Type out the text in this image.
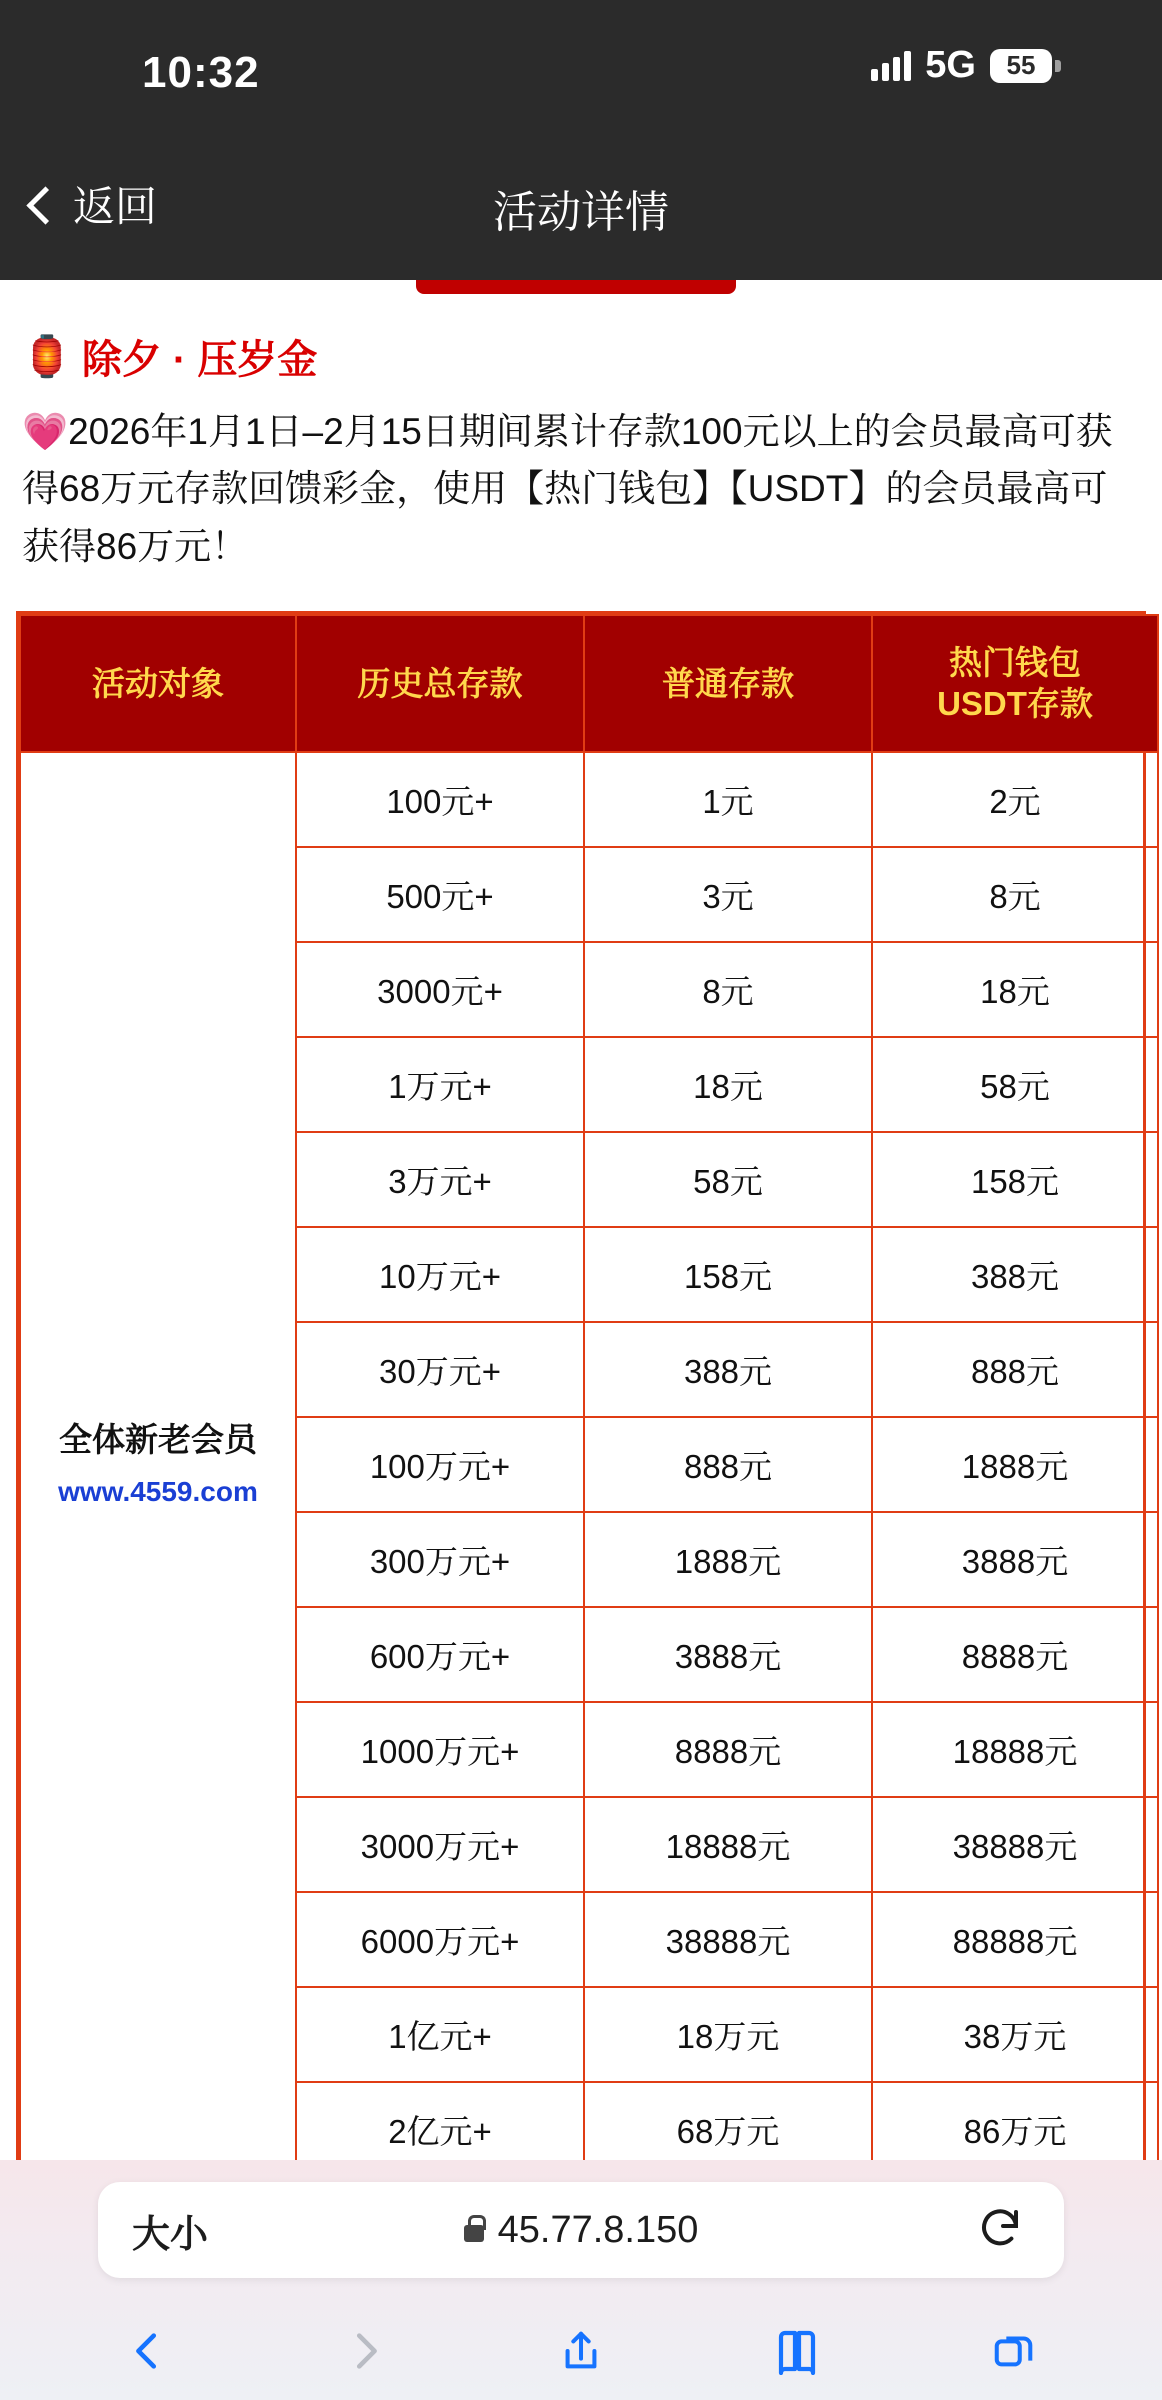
10:32	5G 55
返回	活动详情
🏮 除夕 · 压岁金

💗2026年1月1日–2月15日期间累计存款100元以上的会员最高可获得68万元存款回馈彩金，使用【热门钱包】【USDT】的会员最高可获得86万元！

活动对象	历史总存款	普通存款	热门钱包
USDT存款
全体新老会员
www.4559.com	100元+	1元	2元
	500元+	3元	8元
	3000元+	8元	18元
	1万元+	18元	58元
	3万元+	58元	158元
	10万元+	158元	388元
	30万元+	388元	888元
	100万元+	888元	1888元
	300万元+	1888元	3888元
	600万元+	3888元	8888元
	1000万元+	8888元	18888元
	3000万元+	18888元	38888元
	6000万元+	38888元	88888元
	1亿元+	18万元	38万元
	2亿元+	68万元	86万元
大小	45.77.8.150
